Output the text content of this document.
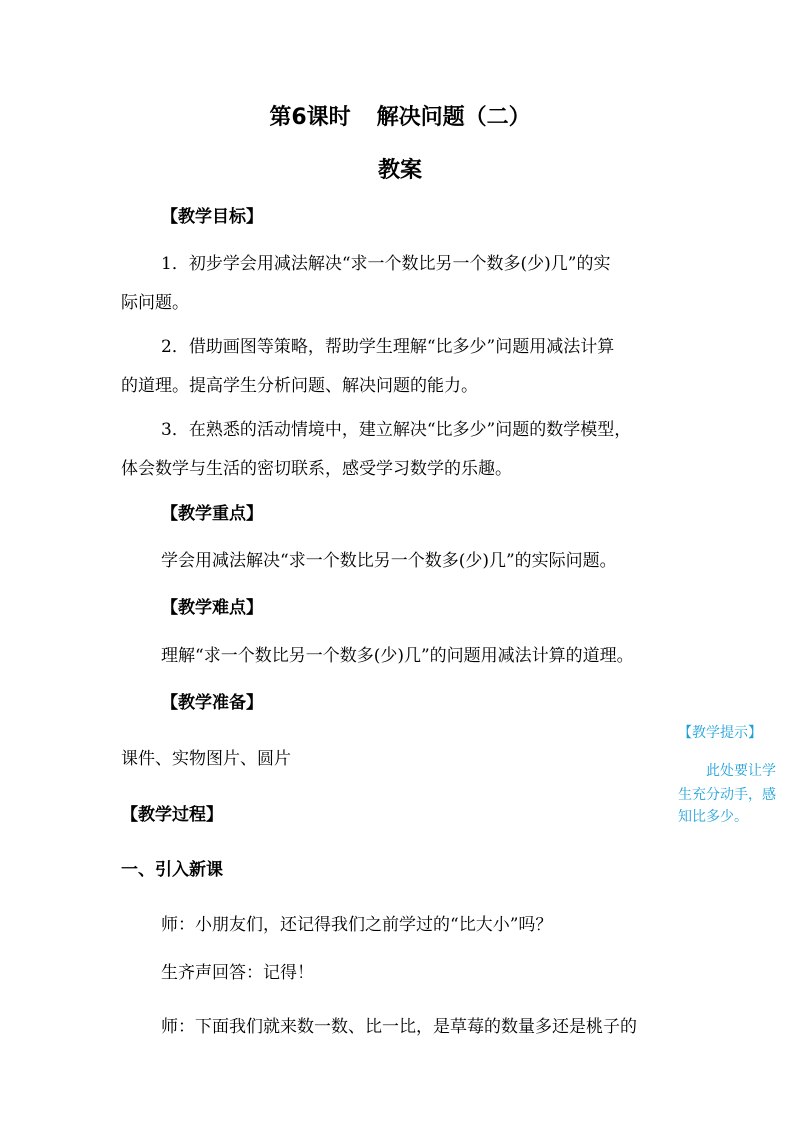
第6课时 解决问题（二）
教案

【教学目标】

1．初步学会用减法解决“求一个数比另一个数多(少)几”的实

际问题。

2．借助画图等策略，帮助学生理解“比多少”问题用减法计算

的道理。提高学生分析问题、解决问题的能力。

3．在熟悉的活动情境中，建立解决“比多少”问题的数学模型，

体会数学与生活的密切联系，感受学习数学的乐趣。

【教学重点】

学会用减法解决“求一个数比另一个数多(少)几”的实际问题。

【教学难点】

理解“求一个数比另一个数多(少)几”的问题用减法计算的道理。

【教学准备】

课件、实物图片、圆片

【教学过程】

一、引入新课

师：小朋友们，还记得我们之前学过的“比大小”吗？

生齐声回答：记得！

师：下面我们就来数一数、比一比，是草莓的数量多还是桃子的

【教学提示】

此处要让学

生充分动手，感

知比多少。
